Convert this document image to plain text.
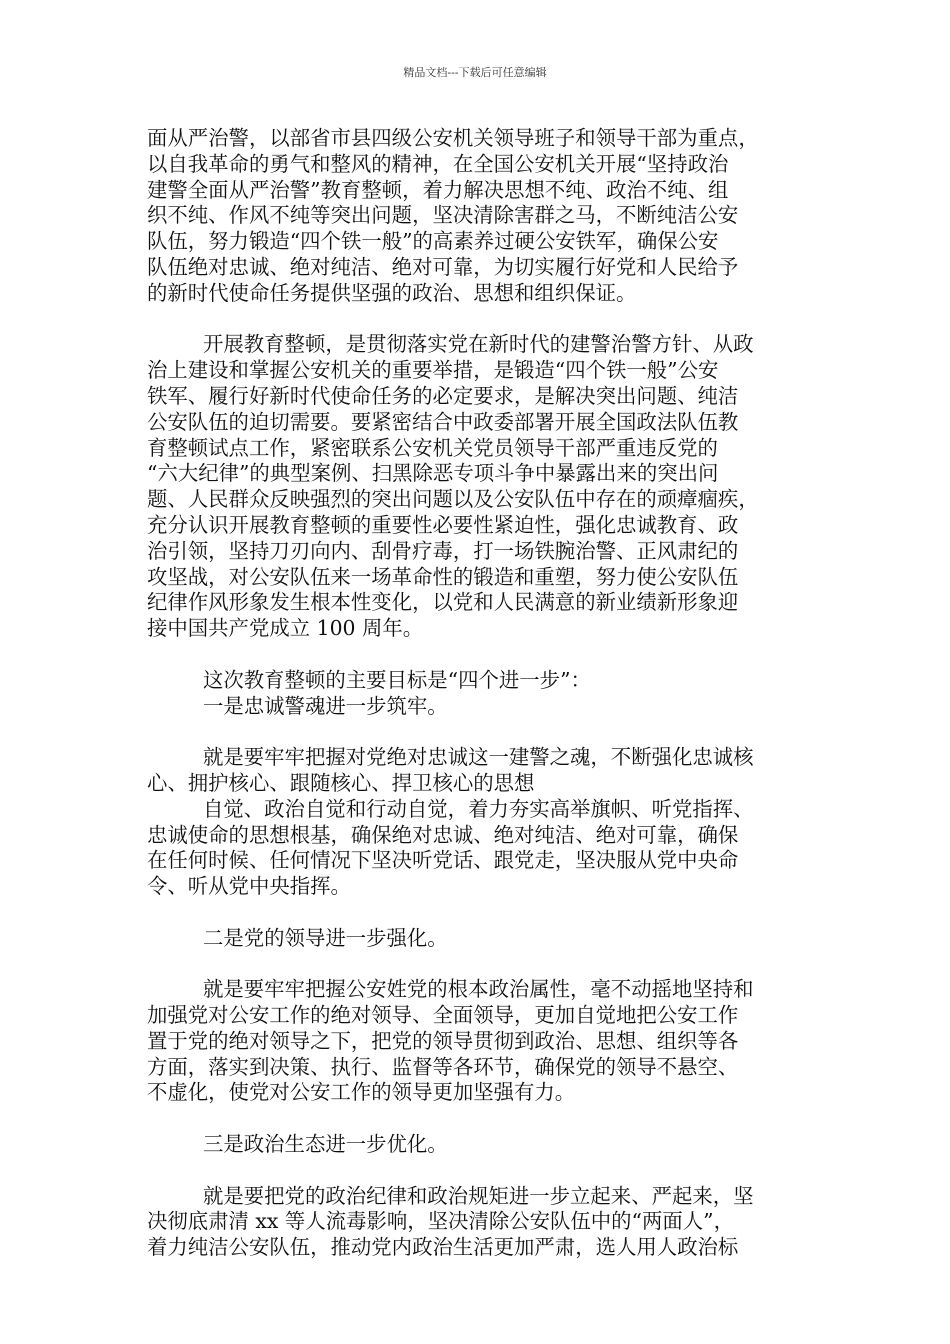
精品文档---下载后可任意编辑
面从严治警，以部省市县四级公安机关领导班子和领导干部为重点，
以自我革命的勇气和整风的精神，在全国公安机关开展“坚持政治
建警全面从严治警”教育整顿，着力解决思想不纯、政治不纯、组
织不纯、作风不纯等突出问题，坚决清除害群之马，不断纯洁公安
队伍，努力锻造“四个铁一般”的高素养过硬公安铁军，确保公安
队伍绝对忠诚、绝对纯洁、绝对可靠，为切实履行好党和人民给予
的新时代使命任务提供坚强的政治、思想和组织保证。
开展教育整顿，是贯彻落实党在新时代的建警治警方针、从政
治上建设和掌握公安机关的重要举措，是锻造“四个铁一般”公安
铁军、履行好新时代使命任务的必定要求，是解决突出问题、纯洁
公安队伍的迫切需要。要紧密结合中政委部署开展全国政法队伍教
育整顿试点工作，紧密联系公安机关党员领导干部严重违反党的
“六大纪律”的典型案例、扫黑除恶专项斗争中暴露出来的突出问
题、人民群众反映强烈的突出问题以及公安队伍中存在的顽瘴痼疾，
充分认识开展教育整顿的重要性必要性紧迫性，强化忠诚教育、政
治引领，坚持刀刃向内、刮骨疗毒，打一场铁腕治警、正风肃纪的
攻坚战，对公安队伍来一场革命性的锻造和重塑，努力使公安队伍
纪律作风形象发生根本性变化，以党和人民满意的新业绩新形象迎
接中国共产党成立 100 周年。
这次教育整顿的主要目标是“四个进一步”：
一是忠诚警魂进一步筑牢。
就是要牢牢把握对党绝对忠诚这一建警之魂，不断强化忠诚核
心、拥护核心、跟随核心、捍卫核心的思想
自觉、政治自觉和行动自觉，着力夯实高举旗帜、听党指挥、
忠诚使命的思想根基，确保绝对忠诚、绝对纯洁、绝对可靠，确保
在任何时候、任何情况下坚决听党话、跟党走，坚决服从党中央命
令、听从党中央指挥。
二是党的领导进一步强化。
就是要牢牢把握公安姓党的根本政治属性，毫不动摇地坚持和
加强党对公安工作的绝对领导、全面领导，更加自觉地把公安工作
置于党的绝对领导之下，把党的领导贯彻到政治、思想、组织等各
方面，落实到决策、执行、监督等各环节，确保党的领导不悬空、
不虚化，使党对公安工作的领导更加坚强有力。
三是政治生态进一步优化。
就是要把党的政治纪律和政治规矩进一步立起来、严起来，坚
决彻底肃清 xx 等人流毒影响，坚决清除公安队伍中的“两面人”，
着力纯洁公安队伍，推动党内政治生活更加严肃，选人用人政治标
